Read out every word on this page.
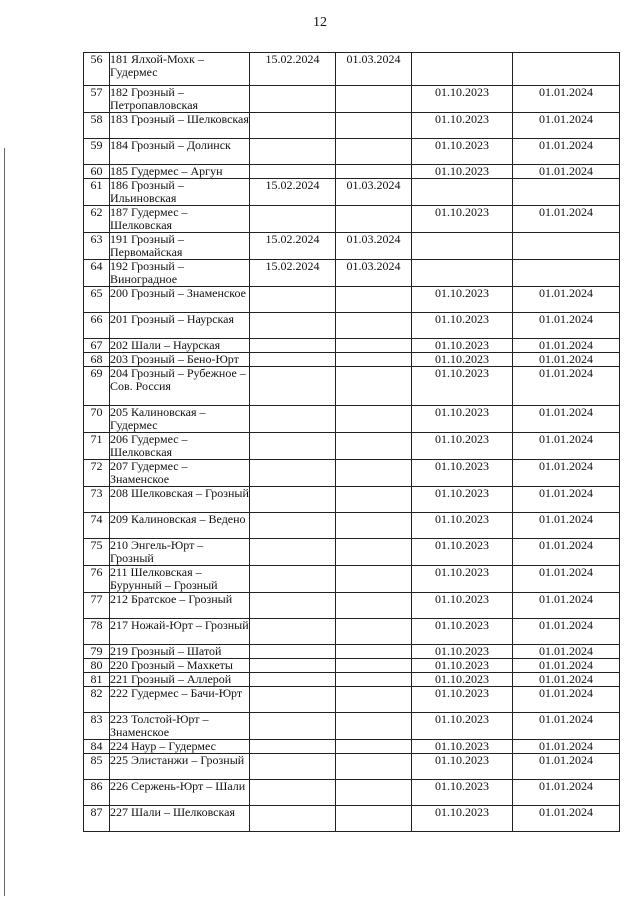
12
56	181 Ялхой-Мохк – Гудермес	15.02.2024	01.03.2024		
57	182 Грозный – Петропавловская			01.10.2023	01.01.2024
58	183 Грозный – Шелковская			01.10.2023	01.01.2024
59	184 Грозный – Долинск			01.10.2023	01.01.2024
60	185 Гудермес – Аргун			01.10.2023	01.01.2024
61	186 Грозный – Ильиновская	15.02.2024	01.03.2024		
62	187 Гудермес – Шелковская			01.10.2023	01.01.2024
63	191 Грозный – Первомайская	15.02.2024	01.03.2024		
64	192 Грозный – Виноградное	15.02.2024	01.03.2024		
65	200 Грозный – Знаменское			01.10.2023	01.01.2024
66	201 Грозный – Наурская			01.10.2023	01.01.2024
67	202 Шали – Наурская			01.10.2023	01.01.2024
68	203 Грозный – Бено-Юрт			01.10.2023	01.01.2024
69	204 Грозный – Рубежное – Сов. Россия			01.10.2023	01.01.2024
70	205 Калиновская – Гудермес			01.10.2023	01.01.2024
71	206 Гудермес – Шелковская			01.10.2023	01.01.2024
72	207 Гудермес – Знаменское			01.10.2023	01.01.2024
73	208 Шелковская – Грозный			01.10.2023	01.01.2024
74	209 Калиновская – Ведено			01.10.2023	01.01.2024
75	210 Энгель-Юрт – Грозный			01.10.2023	01.01.2024
76	211 Шелковская – Бурунный – Грозный			01.10.2023	01.01.2024
77	212 Братское – Грозный			01.10.2023	01.01.2024
78	217 Ножай-Юрт – Грозный			01.10.2023	01.01.2024
79	219 Грозный – Шатой			01.10.2023	01.01.2024
80	220 Грозный – Махкеты			01.10.2023	01.01.2024
81	221 Грозный – Аллерой			01.10.2023	01.01.2024
82	222 Гудермес – Бачи-Юрт			01.10.2023	01.01.2024
83	223 Толстой-Юрт – Знаменское			01.10.2023	01.01.2024
84	224 Наур – Гудермес			01.10.2023	01.01.2024
85	225 Элистанжи – Грозный			01.10.2023	01.01.2024
86	226 Сержень-Юрт – Шали			01.10.2023	01.01.2024
87	227 Шали – Шелковская			01.10.2023	01.01.2024
